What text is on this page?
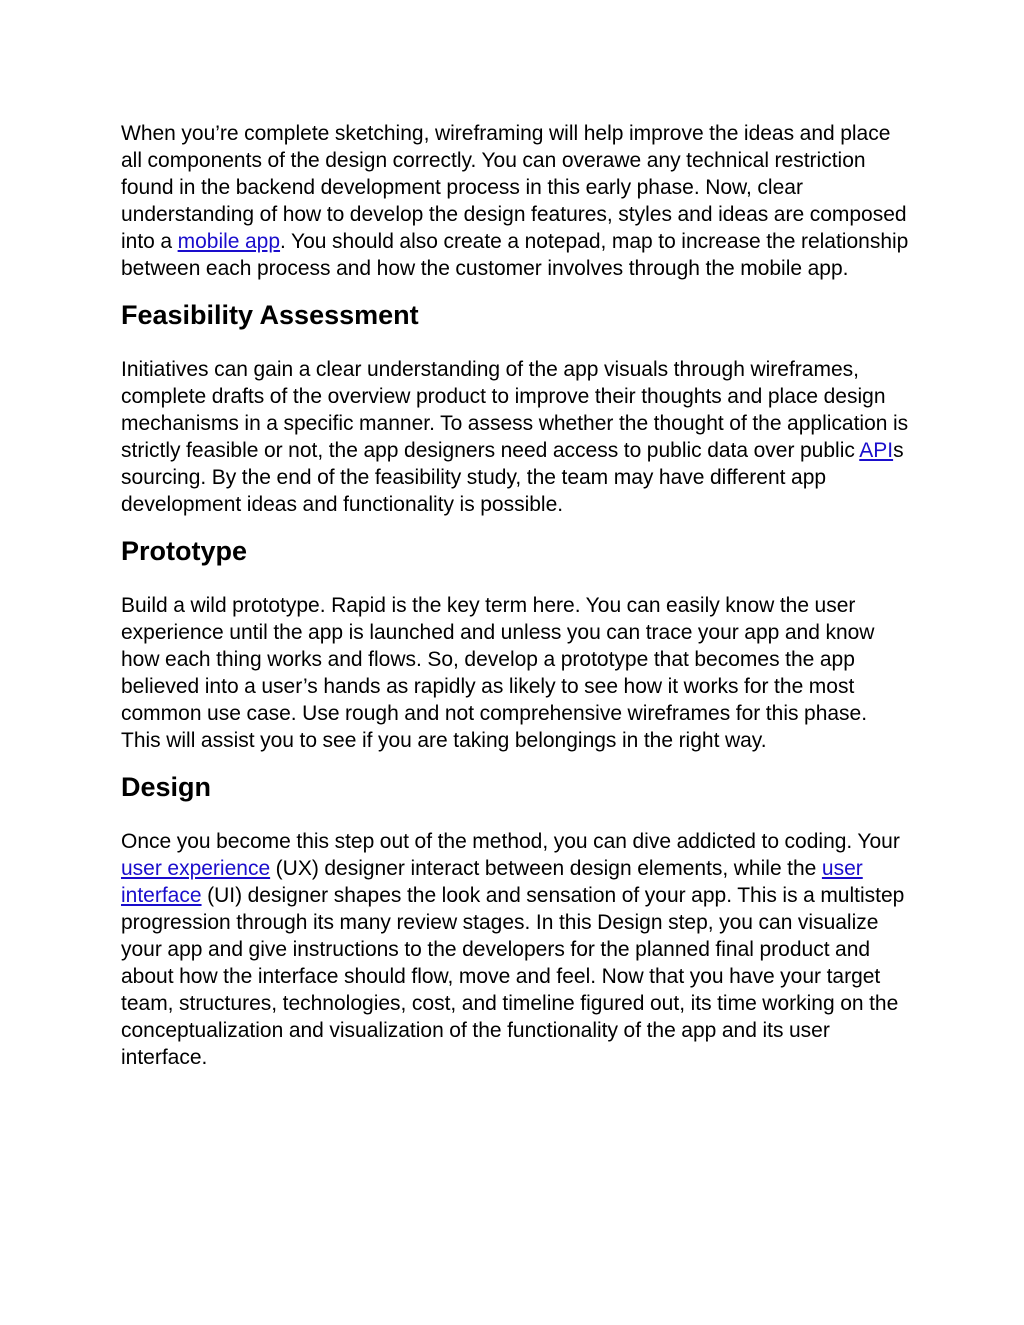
When you’re complete sketching, wireframing will help improve the ideas and place all components of the design correctly. You can overawe any technical restriction found in the backend development process in this early phase. Now, clear understanding of how to develop the design features, styles and ideas are composed into a mobile app. You should also create a notepad, map to increase the relationship between each process and how the customer involves through the mobile app.

Feasibility Assessment

Initiatives can gain a clear understanding of the app visuals through wireframes, complete drafts of the overview product to improve their thoughts and place design mechanisms in a specific manner. To assess whether the thought of the application is strictly feasible or not, the app designers need access to public data over public APIs sourcing. By the end of the feasibility study, the team may have different app development ideas and functionality is possible.

Prototype

Build a wild prototype. Rapid is the key term here. You can easily know the user experience until the app is launched and unless you can trace your app and know how each thing works and flows. So, develop a prototype that becomes the app believed into a user’s hands as rapidly as likely to see how it works for the most common use case. Use rough and not comprehensive wireframes for this phase. This will assist you to see if you are taking belongings in the right way.

Design

Once you become this step out of the method, you can dive addicted to coding. Your user experience (UX) designer interact between design elements, while the user interface (UI) designer shapes the look and sensation of your app. This is a multistep progression through its many review stages. In this Design step, you can visualize your app and give instructions to the developers for the planned final product and about how the interface should flow, move and feel. Now that you have your target team, structures, technologies, cost, and timeline figured out, its time working on the conceptualization and visualization of the functionality of the app and its user interface.
